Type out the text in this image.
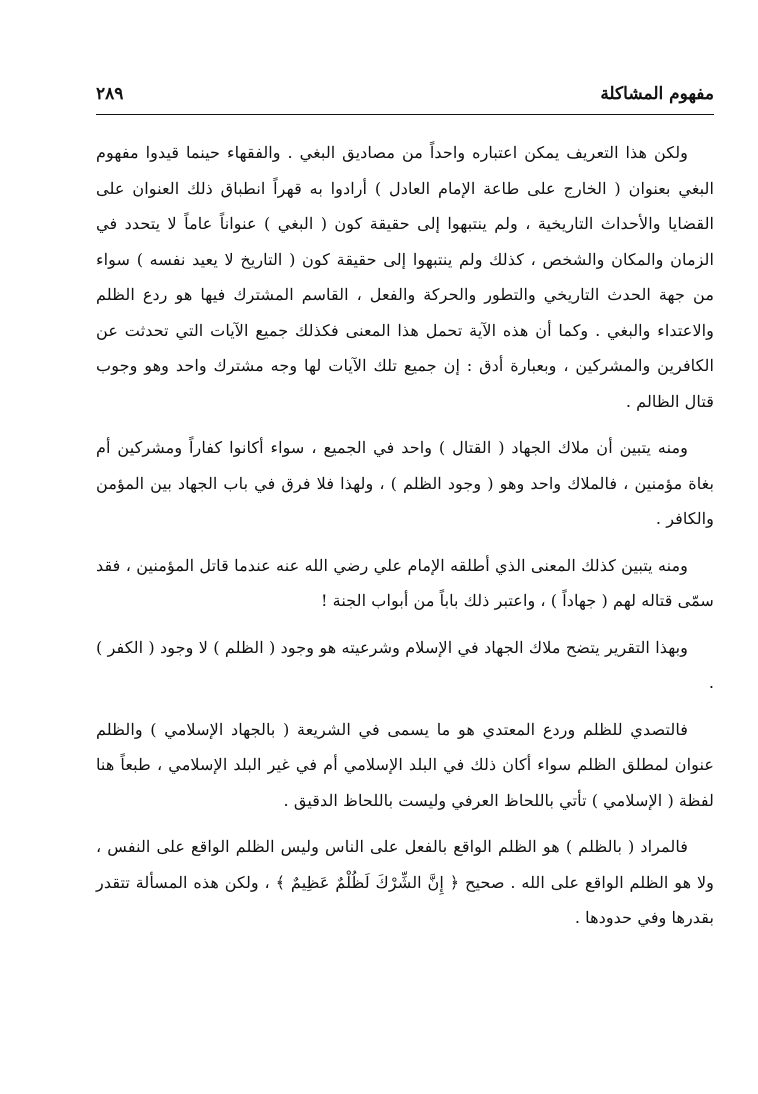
مفهوم المشاكلة
٢٨٩

ولكن هذا التعريف يمكن اعتباره واحداً من مصاديق البغي . والفقهاء حينما قيدوا مفهوم البغي بعنوان ( الخارج على طاعة الإمام العادل ) أرادوا به قهراً انطباق ذلك العنوان على القضايا والأحداث التاريخية ، ولم ينتبهوا إلى حقيقة كون ( البغي ) عنواناً عاماً لا يتحدد في الزمان والمكان والشخص ، كذلك ولم ينتبهوا إلى حقيقة كون ( التاريخ لا يعيد نفسه ) سواء من جهة الحدث التاريخي والتطور والحركة والفعل ، القاسم المشترك فيها هو ردع الظلم والاعتداء والبغي . وكما أن هذه الآية تحمل هذا المعنى فكذلك جميع الآيات التي تحدثت عن الكافرين والمشركين ، وبعبارة أدق : إن جميع تلك الآيات لها وجه مشترك واحد وهو وجوب قتال الظالم .

ومنه يتبين أن ملاك الجهاد ( القتال ) واحد في الجميع ، سواء أكانوا كفاراً ومشركين أم بغاة مؤمنين ، فالملاك واحد وهو ( وجود الظلم ) ، ولهذا فلا فرق في باب الجهاد بين المؤمن والكافر .

ومنه يتبين كذلك المعنى الذي أطلقه الإمام علي رضي الله عنه عندما قاتل المؤمنين ، فقد سمّى قتاله لهم ( جهاداً ) ، واعتبر ذلك باباً من أبواب الجنة !

وبهذا التقرير يتضح ملاك الجهاد في الإسلام وشرعيته هو وجود ( الظلم ) لا وجود ( الكفر ) .

فالتصدي للظلم وردع المعتدي هو ما يسمى في الشريعة ( بالجهاد الإسلامي ) والظلم عنوان لمطلق الظلم سواء أكان ذلك في البلد الإسلامي أم في غير البلد الإسلامي ، طبعاً هنا لفظة ( الإسلامي ) تأتي باللحاظ العرفي وليست باللحاظ الدقيق .

فالمراد ( بالظلم ) هو الظلم الواقع بالفعل على الناس وليس الظلم الواقع على النفس ، ولا هو الظلم الواقع على الله . صحيح ﴿ إِنَّ الشِّرْكَ لَظُلْمٌ عَظِيمٌ ﴾ ، ولكن هذه المسألة تتقدر بقدرها وفي حدودها .
